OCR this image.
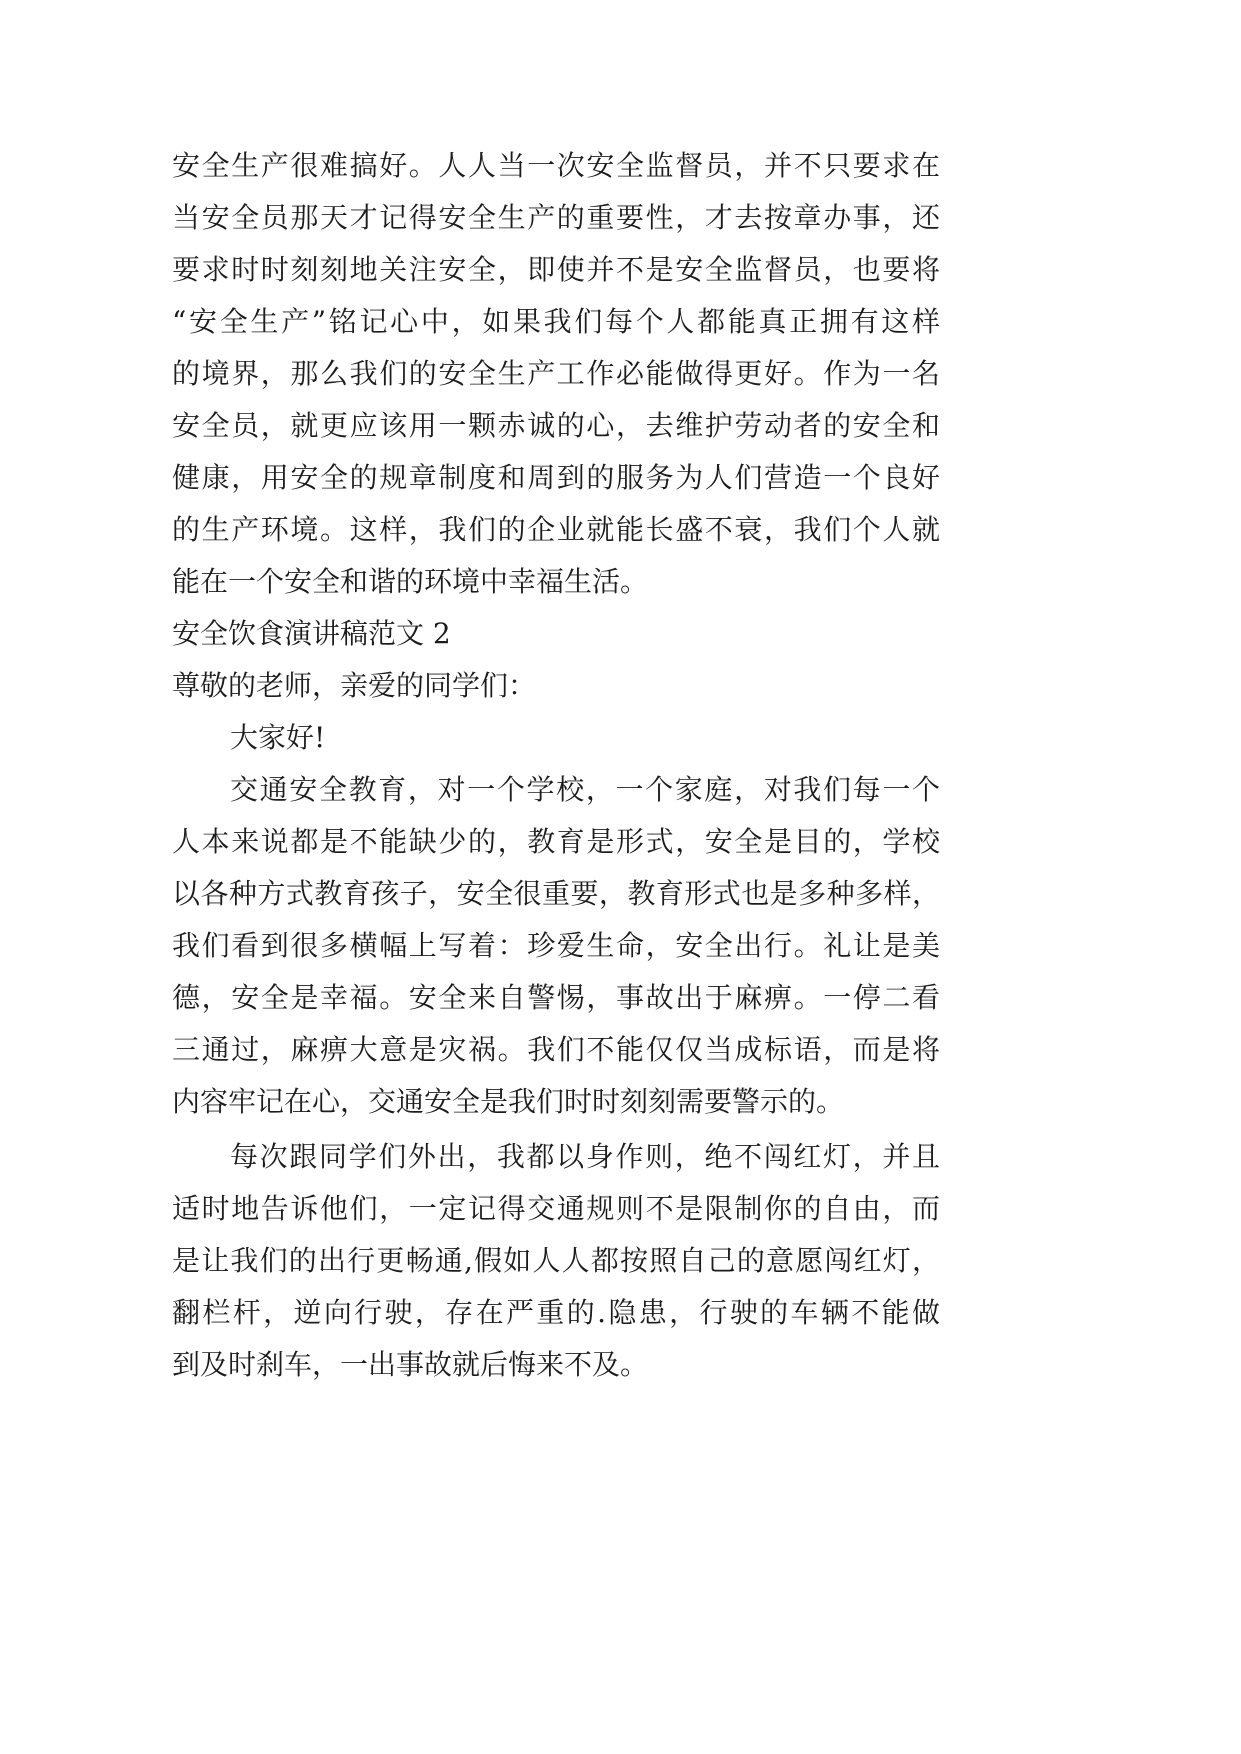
安全生产很难搞好。人人当一次安全监督员，并不只要求在
当安全员那天才记得安全生产的重要性，才去按章办事，还
要求时时刻刻地关注安全，即使并不是安全监督员，也要将
“安全生产”铭记心中，如果我们每个人都能真正拥有这样
的境界，那么我们的安全生产工作必能做得更好。作为一名
安全员，就更应该用一颗赤诚的心，去维护劳动者的安全和
健康，用安全的规章制度和周到的服务为人们营造一个良好
的生产环境。这样，我们的企业就能长盛不衰，我们个人就
能在一个安全和谐的环境中幸福生活。
安全饮食演讲稿范文 2
尊敬的老师，亲爱的同学们：
大家好!
交通安全教育，对一个学校，一个家庭，对我们每一个
人本来说都是不能缺少的，教育是形式，安全是目的，学校
以各种方式教育孩子，安全很重要，教育形式也是多种多样，
我们看到很多横幅上写着：珍爱生命，安全出行。礼让是美
德，安全是幸福。安全来自警惕，事故出于麻痹。一停二看
三通过，麻痹大意是灾祸。我们不能仅仅当成标语，而是将
内容牢记在心，交通安全是我们时时刻刻需要警示的。
每次跟同学们外出，我都以身作则，绝不闯红灯，并且
适时地告诉他们，一定记得交通规则不是限制你的自由，而
是让我们的出行更畅通,假如人人都按照自己的意愿闯红灯，
翻栏杆，逆向行驶，存在严重的.隐患，行驶的车辆不能做
到及时刹车，一出事故就后悔来不及。
